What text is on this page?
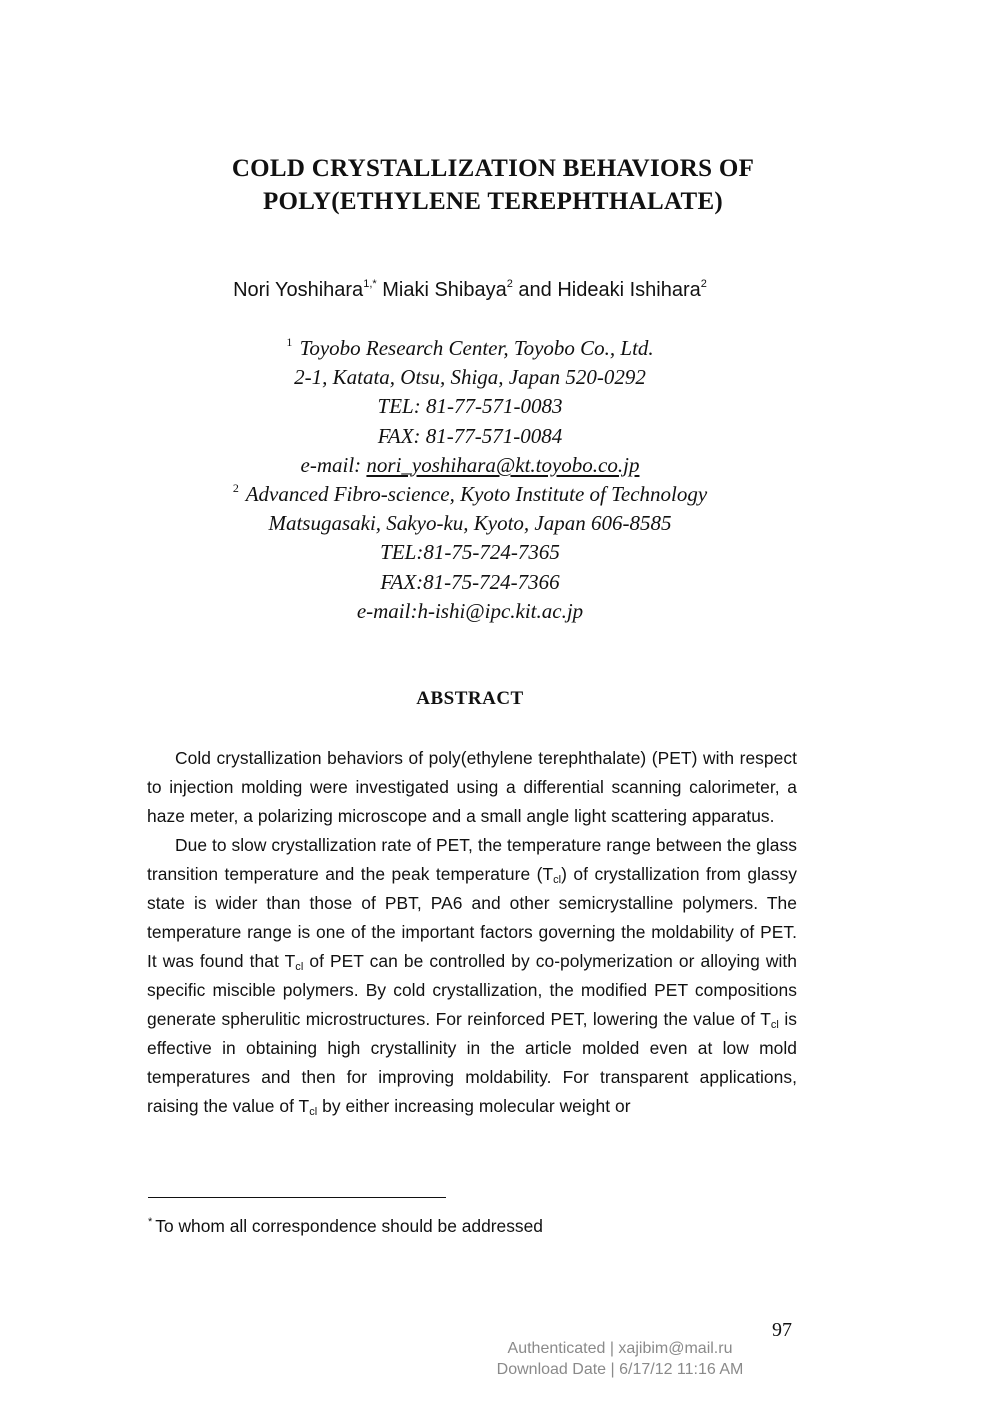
COLD CRYSTALLIZATION BEHAVIORS OF
POLY(ETHYLENE TEREPHTHALATE)
Nori Yoshihara$^{1,*}$ Miaki Shibaya$^2$ and Hideaki Ishihara$^2$
$^1$ Toyobo Research Center, Toyobo Co., Ltd.
2-1, Katata, Otsu, Shiga, Japan 520-0292
TEL: 81-77-571-0083
FAX: 81-77-571-0084
e-mail: nori_yoshihara@kt.toyobo.co.jp
$^2$ Advanced Fibro-science, Kyoto Institute of Technology
Matsugasaki, Sakyo-ku, Kyoto, Japan 606-8585
TEL:81-75-724-7365
FAX:81-75-724-7366
e-mail:h-ishi@ipc.kit.ac.jp
ABSTRACT

Cold crystallization behaviors of poly(ethylene terephthalate) (PET) with respect to injection molding were investigated using a differential scanning calorimeter, a haze meter, a polarizing microscope and a small angle light scattering apparatus.

Due to slow crystallization rate of PET, the temperature range between the glass transition temperature and the peak temperature $(T_{cl})$ of crystallization from glassy state is wider than those of PBT, PA6 and other semicrystalline polymers. The temperature range is one of the important factors governing the moldability of PET. It was found that $T_{cl}$ of PET can be controlled by co-polymerization or alloying with specific miscible polymers. By cold crystallization, the modified PET compositions generate spherulitic microstructures. For reinforced PET, lowering the value of $T_{cl}$ is effective in obtaining high crystallinity in the article molded even at low mold temperatures and then for improving moldability. For transparent applications, raising the value of $T_{cl}$ by either increasing molecular weight or

* To whom all correspondence should be addressed
97
Authenticated | xajibim@mail.ru
Download Date | 6/17/12 11:16 AM
